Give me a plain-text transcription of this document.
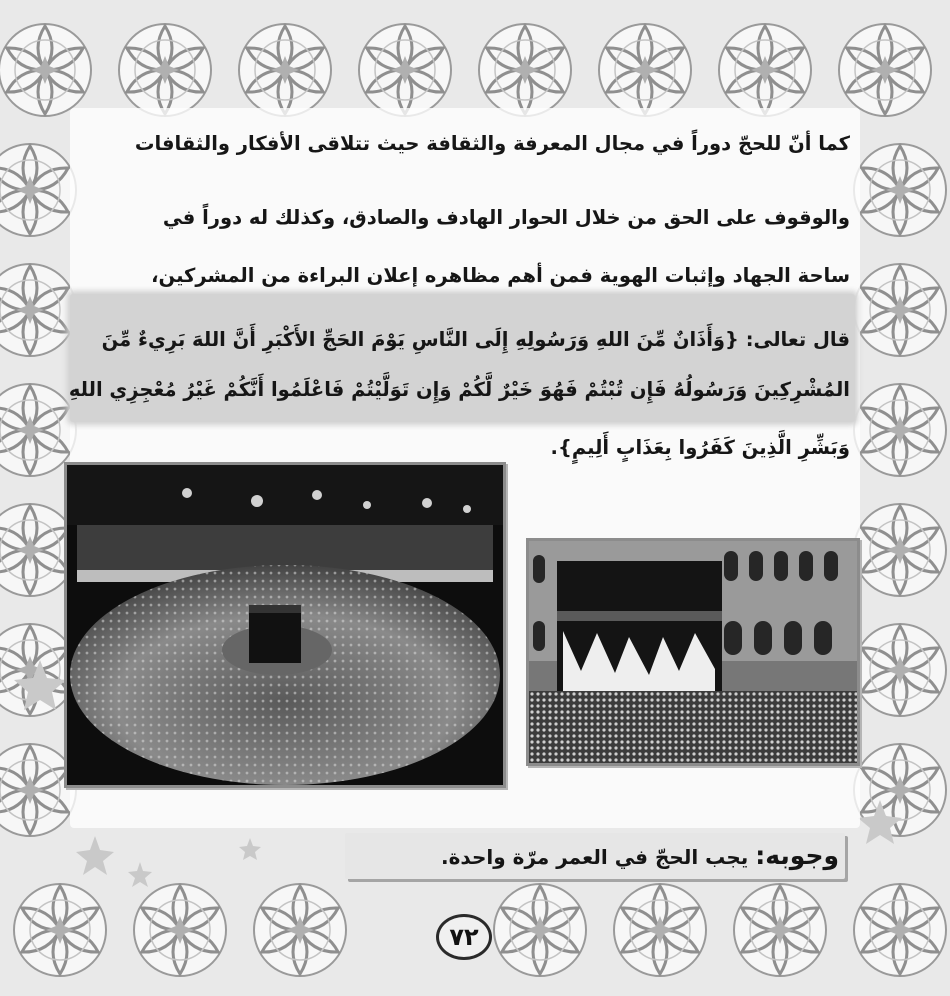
كما أنّ للحجّ دوراً في مجال المعرفة والثقافة حيث تتلاقى الأفكار والثقافات
والوقوف على الحق من خلال الحوار الهادف والصادق، وكذلك له دوراً في
ساحة الجهاد وإثبات الهوية فمن أهم مظاهره إعلان البراءة من المشركين،
قال تعالى: {وَأَذَانٌ مِّنَ اللهِ وَرَسُولِهِ إِلَى النَّاسِ يَوْمَ الحَجِّ الأَكْبَرِ أَنَّ اللهَ بَرِيءٌ مِّنَ
المُشْرِكِينَ وَرَسُولُهُ فَإِن تُبْتُمْ فَهُوَ خَيْرٌ لَّكُمْ وَإِن تَوَلَّيْتُمْ فَاعْلَمُوا أَنَّكُمْ غَيْرُ مُعْجِزِي اللهِ
وَبَشِّرِ الَّذِينَ كَفَرُوا بِعَذَابٍ أَلِيمٍ}.
وجوبه: يجب الحجّ في العمر مرّة واحدة.
٧٢
